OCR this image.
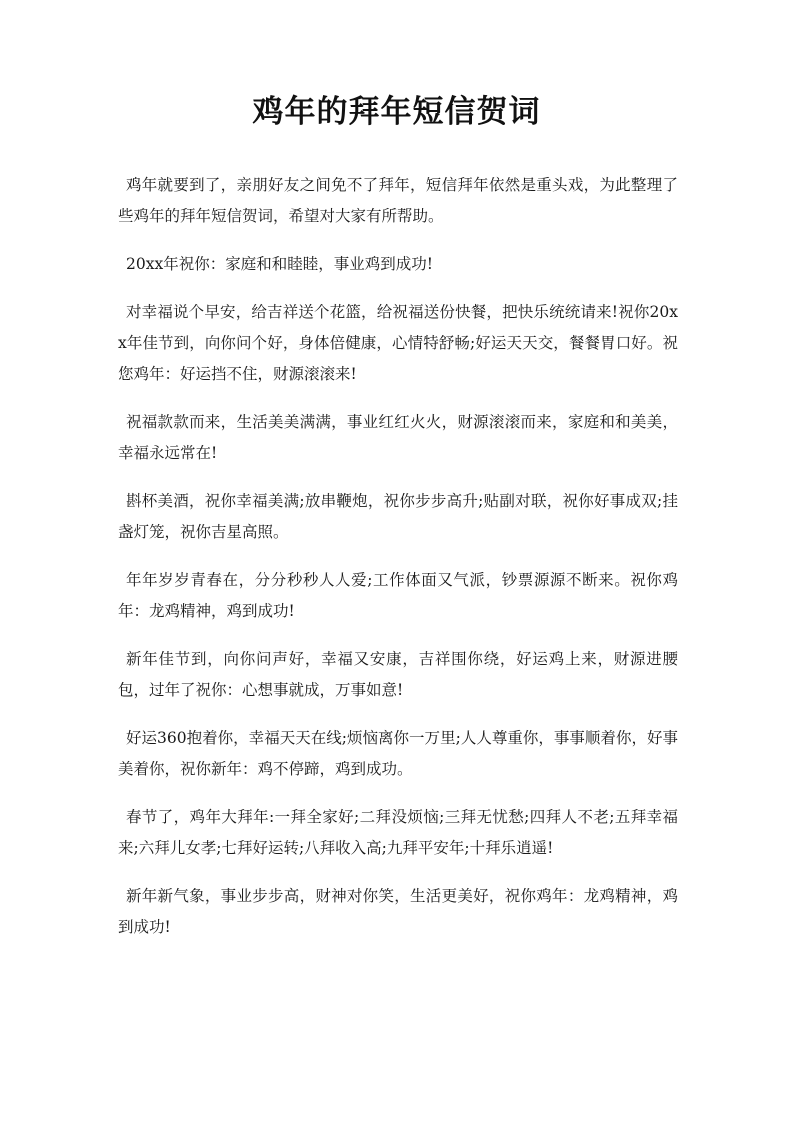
鸡年的拜年短信贺词

鸡年就要到了，亲朋好友之间免不了拜年，短信拜年依然是重头戏，为此整理了些鸡年的拜年短信贺词，希望对大家有所帮助。

20xx年祝你：家庭和和睦睦，事业鸡到成功!

对幸福说个早安，给吉祥送个花篮，给祝福送份快餐，把快乐统统请来!祝你20xx年佳节到，向你问个好，身体倍健康，心情特舒畅;好运天天交，餐餐胃口好。祝您鸡年：好运挡不住，财源滚滚来!

祝福款款而来，生活美美满满，事业红红火火，财源滚滚而来，家庭和和美美，幸福永远常在!

斟杯美酒，祝你幸福美满;放串鞭炮，祝你步步高升;贴副对联，祝你好事成双;挂盏灯笼，祝你吉星高照。

年年岁岁青春在，分分秒秒人人爱;工作体面又气派，钞票源源不断来。祝你鸡年：龙鸡精神，鸡到成功!

新年佳节到，向你问声好，幸福又安康，吉祥围你绕，好运鸡上来，财源进腰包，过年了祝你：心想事就成，万事如意!

好运360抱着你，幸福天天在线;烦恼离你一万里;人人尊重你，事事顺着你，好事美着你，祝你新年：鸡不停蹄，鸡到成功。

春节了，鸡年大拜年:一拜全家好;二拜没烦恼;三拜无忧愁;四拜人不老;五拜幸福来;六拜儿女孝;七拜好运转;八拜收入高;九拜平安年;十拜乐逍遥!

新年新气象，事业步步高，财神对你笑，生活更美好，祝你鸡年：龙鸡精神，鸡到成功!
